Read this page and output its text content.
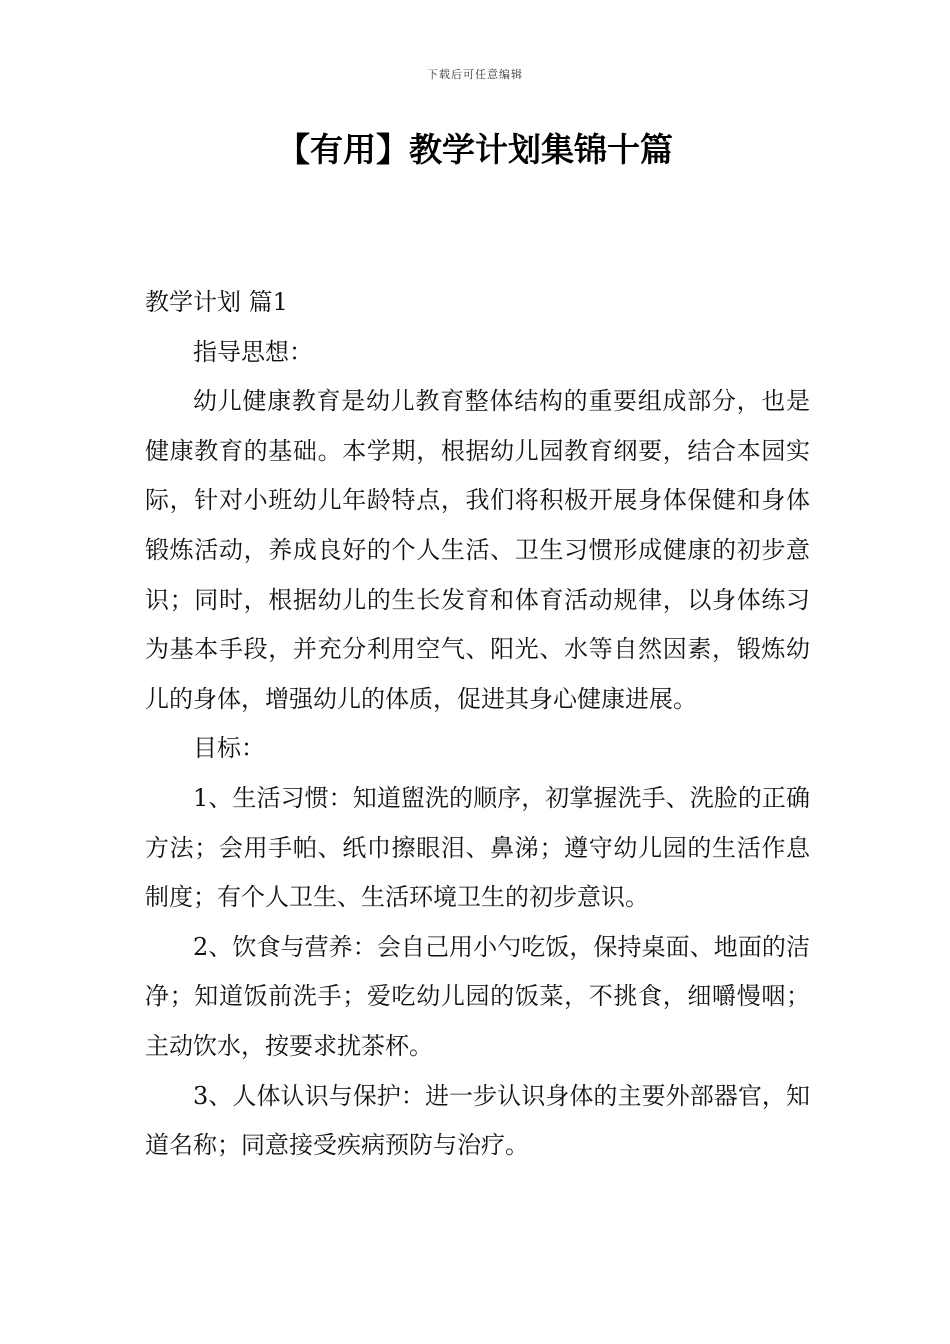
下载后可任意编辑
【有用】教学计划集锦十篇

教学计划 篇1

指导思想：

幼儿健康教育是幼儿教育整体结构的重要组成部分，也是健康教育的基础。本学期，根据幼儿园教育纲要，结合本园实际，针对小班幼儿年龄特点，我们将积极开展身体保健和身体锻炼活动，养成良好的个人生活、卫生习惯形成健康的初步意识；同时，根据幼儿的生长发育和体育活动规律，以身体练习为基本手段，并充分利用空气、阳光、水等自然因素，锻炼幼儿的身体，增强幼儿的体质，促进其身心健康进展。

目标：

1、生活习惯：知道盥洗的顺序，初掌握洗手、洗脸的正确方法；会用手帕、纸巾擦眼泪、鼻涕；遵守幼儿园的生活作息制度；有个人卫生、生活环境卫生的初步意识。

2、饮食与营养：会自己用小勺吃饭，保持桌面、地面的洁净；知道饭前洗手；爱吃幼儿园的饭菜，不挑食，细嚼慢咽；主动饮水，按要求扰茶杯。

3、人体认识与保护：进一步认识身体的主要外部器官，知道名称；同意接受疾病预防与治疗。
